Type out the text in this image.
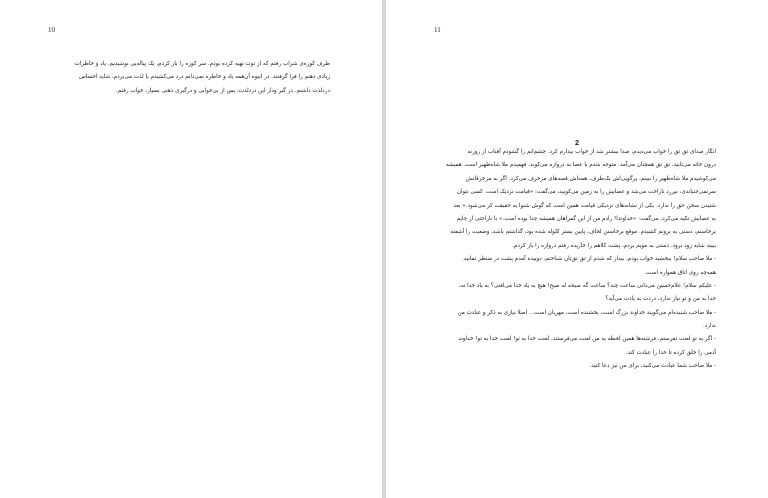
10

طرف کوزه‌ی شراب رفتم که از توت تهیه کرده بودم. سر کوزه را باز کردم، یک پیاله‌یی نوشیدیم. یاد و خاطرات
زیادی ذهنم را فرا گرفتند. در انبوه آن‌همه یاد و خاطره نمی‌دانم درد می‌کشیدم یا لذت می‌بردم، شاید احساس
دردلذت داشتم. در گیر ودار این دردلذت، پس از بی‌خوابی و درگیری ذهنی بسیار، خواب رفتم.

11
2

انگار صدای تق تق را خواب می‌دیدم، صدا بیشتر شد از خواب بیدارم کرد. چشم‌انم را گشودم آفتاب از روزنه
درون خانه می‌تابید، تق تق همچنان می‌آمد. متوجه شدم با عصا به دروازه می‌کوبد، فهمیدم ملا شاه‌ظهیر است. همیشه
می‌کوشیدم ملا شاه‌ظهیر را نبینم، پرگویی‌اش بک‌طرف، همه‌اش قصه‌های مزخرف می‌کرد. اگر به مزخرفاتش
سرتمی‌جنباندی، بپررد ناراحت می‌شد و عصایش را به زمین می‌کوبید، می‌گفت: «قیامت نزدیک است. کسی نتوان
شنیدن سخن حق را ندارد. یکی از نشانه‌های نزدیکی قیامت همین است که گوش شنوا به حقیقت کر می‌شود.» بعد
به عصایش تکیه می‌کرد، می‌گفت: «خداوندا! رادم من از این گمراهان همیشه جدا بوده است.» با ناراحتی از جایم
برخاستم، دستی به برونم کشیدم. موقع برخاستن لحاف، پایین بستر کلوله شده بود، گذاشتم باشد، وضعیت را آشفته
ببیند شاید زود برود. دستی به مویم بردم، پشت کلاهم را خارپده رفتم دروازه را باز کردم.

- ملا صاحب سلام! ببخشید خواب بودم، بیدار که شدم از تق تق‌تان شناختم، دوییده آمدم پشت در منتظر نمانید.

همه‌چه روی اتاق همواره است.

- علیکم سلام! علام‌حسین می‌دانی ساعت چند؟ ساعت گه صبحه له صبح! هیچ به یاد خدا می‌افتی؟ به یاد خدا نه،
خدا به من و تو نیاز ندارد، دردت به یادت می‌آید؟

- ملا صاحب شنیده‌ام می‌گویند خداوند بزرگ است، بخشنده است، مهربان است... اصلا نیازی به ذکر و عبادت من
ندارد.

- اگر به تو لعنت نفرستم، فرشته‌ها همین لحظه به من لعنت می‌فرستند. لعنت خدا به تو! لعنت خدا به تو! خداوند
آدمی را خلق کرده تا خدا را عبادت کند.

- ملا صاحب شما عبادت می‌کنید، برای من نیز دعا کنید.
